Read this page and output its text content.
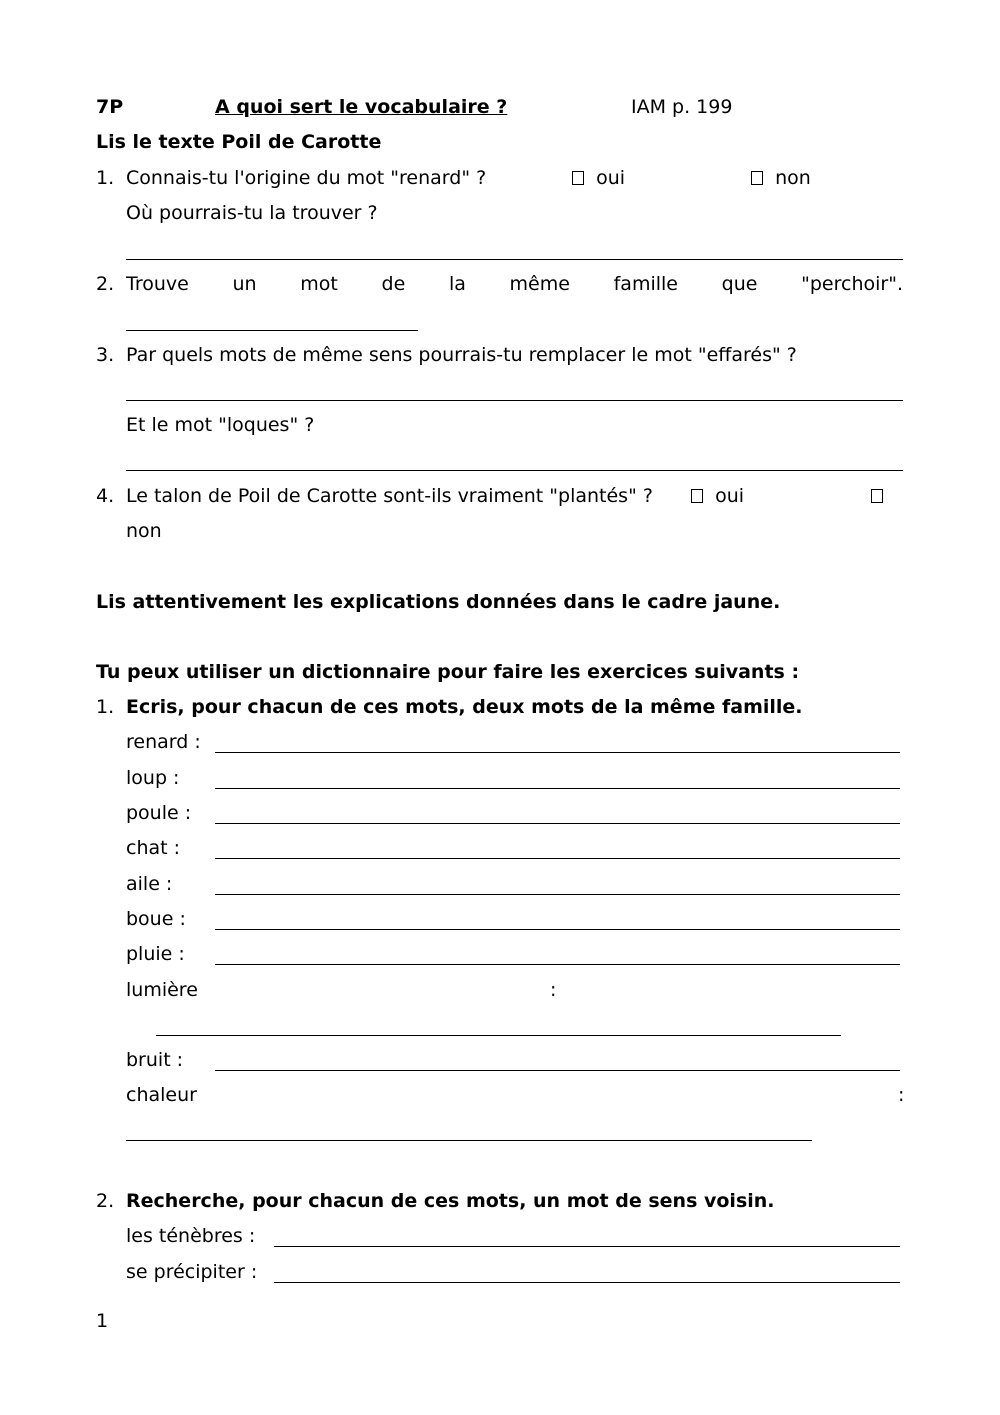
7P	A quoi sert le vocabulaire ?	IAM p. 199
Lis le texte Poil de Carotte
1. Connais-tu l'origine du mot "renard" ?	oui	non
Où pourrais-tu la trouver ?
2. Trouve un mot de la même famille que "perchoir".
3. Par quels mots de même sens pourrais-tu remplacer le mot "effarés" ?
Et le mot "loques" ?
4. Le talon de Poil de Carotte sont-ils vraiment "plantés" ?	oui
non
Lis attentivement les explications données dans le cadre jaune.
Tu peux utiliser un dictionnaire pour faire les exercices suivants :
1. Ecris, pour chacun de ces mots, deux mots de la même famille.
renard :
loup :
poule :
chat :
aile :
boue :
pluie :
lumière	:
bruit :
chaleur	:
2. Recherche, pour chacun de ces mots, un mot de sens voisin.
les ténèbres :
se précipiter :
1
